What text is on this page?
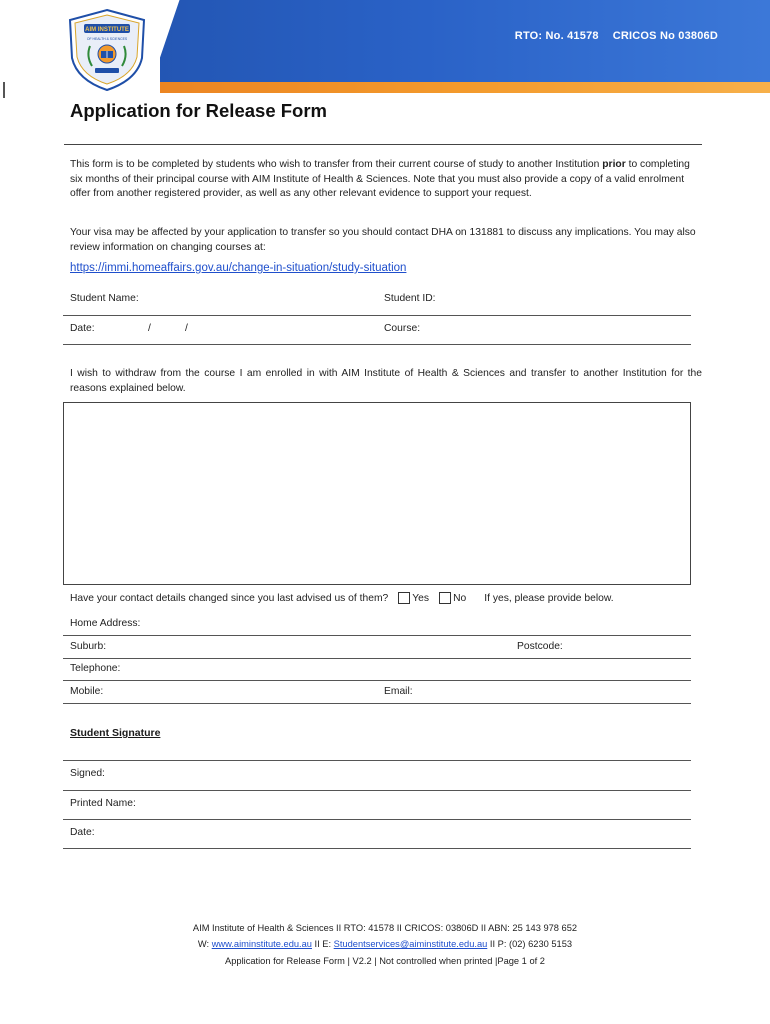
RTO: No. 41578 CRICOS No 03806D
AIM INSTITUTE
OF HEALTH & SCIENCES
Application for Release Form
This form is to be completed by students who wish to transfer from their current course of study to another Institution prior to completing six months of their principal course with AIM Institute of Health & Sciences. Note that you must also provide a copy of a valid enrolment offer from another registered provider, as well as any other relevant evidence to support your request.
Your visa may be affected by your application to transfer so you should contact DHA on 131881 to discuss any implications. You may also review information on changing courses at:
https://immi.homeaffairs.gov.au/change-in-situation/study-situation
Student Name:	Student ID:
Date:	/	/	Course:
I wish to withdraw from the course I am enrolled in with AIM Institute of Health & Sciences and transfer to another Institution for the reasons explained below.
Have your contact details changed since you last advised us of them? Yes No If yes, please provide below.
Home Address:
Suburb:	Postcode:
Telephone:
Mobile:	Email:
Student Signature
Signed:
Printed Name:
Date:
AIM Institute of Health & Sciences II RTO: 41578 II CRICOS: 03806D II ABN: 25 143 978 652
W: www.aiminstitute.edu.au II E: Studentservices@aiminstitute.edu.au II P: (02) 6230 5153
Application for Release Form | V2.2 | Not controlled when printed |Page 1 of 2
